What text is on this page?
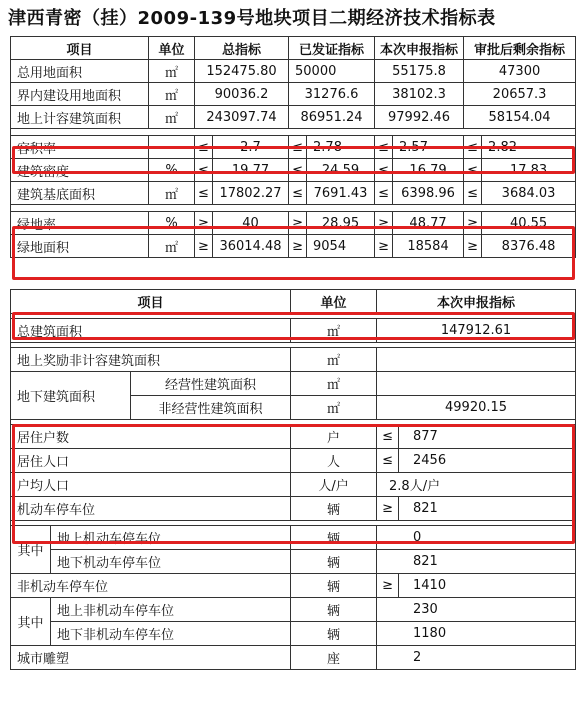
津西青密（挂）2009-139号地块项目二期经济技术指标表
项目	单位	总指标		已发证指标		本次申报指标		审批后剩余指标	
总用地面积	㎡	152475.80		50000		55175.8		47300	
界内建设用地面积	㎡	90036.2		31276.6		38102.3		20657.3	
地上计容建筑面积	㎡	243097.74		86951.24		97992.46		58154.04	

容积率	-	≤	2.7	≤	2.78	≤	2.57	≤	2.82
建筑密度	%	≤	19.77	≤	24.59	≤	16.79	≤	17.83
建筑基底面积	㎡	≤	17802.27	≤	7691.43	≤	6398.96	≤	3684.03

绿地率	%	≥	40	≥	28.95	≥	48.77	≥	40.55
绿地面积	㎡	≥	36014.48	≥	9054	≥	18584	≥	8376.48
项目			单位	本次申报指标	

总建筑面积			㎡	147912.61	

地上奖励非计容建筑面积			㎡		
地下建筑面积		经营性建筑面积	㎡		
		非经营性建筑面积	㎡	49920.15	

居住户数			户	≤	877
居住人口			人	≤	2456
户均人口			人/户	2.8人/户	
机动车停车位			辆	≥	821

其中	地上机动车停车位		辆	0	
	地下机动车停车位		辆	821	
非机动车停车位			辆	≥	1410
其中	地上非机动车停车位		辆	230	
	地下非机动车停车位		辆	1180	
城市雕塑			座	2	
